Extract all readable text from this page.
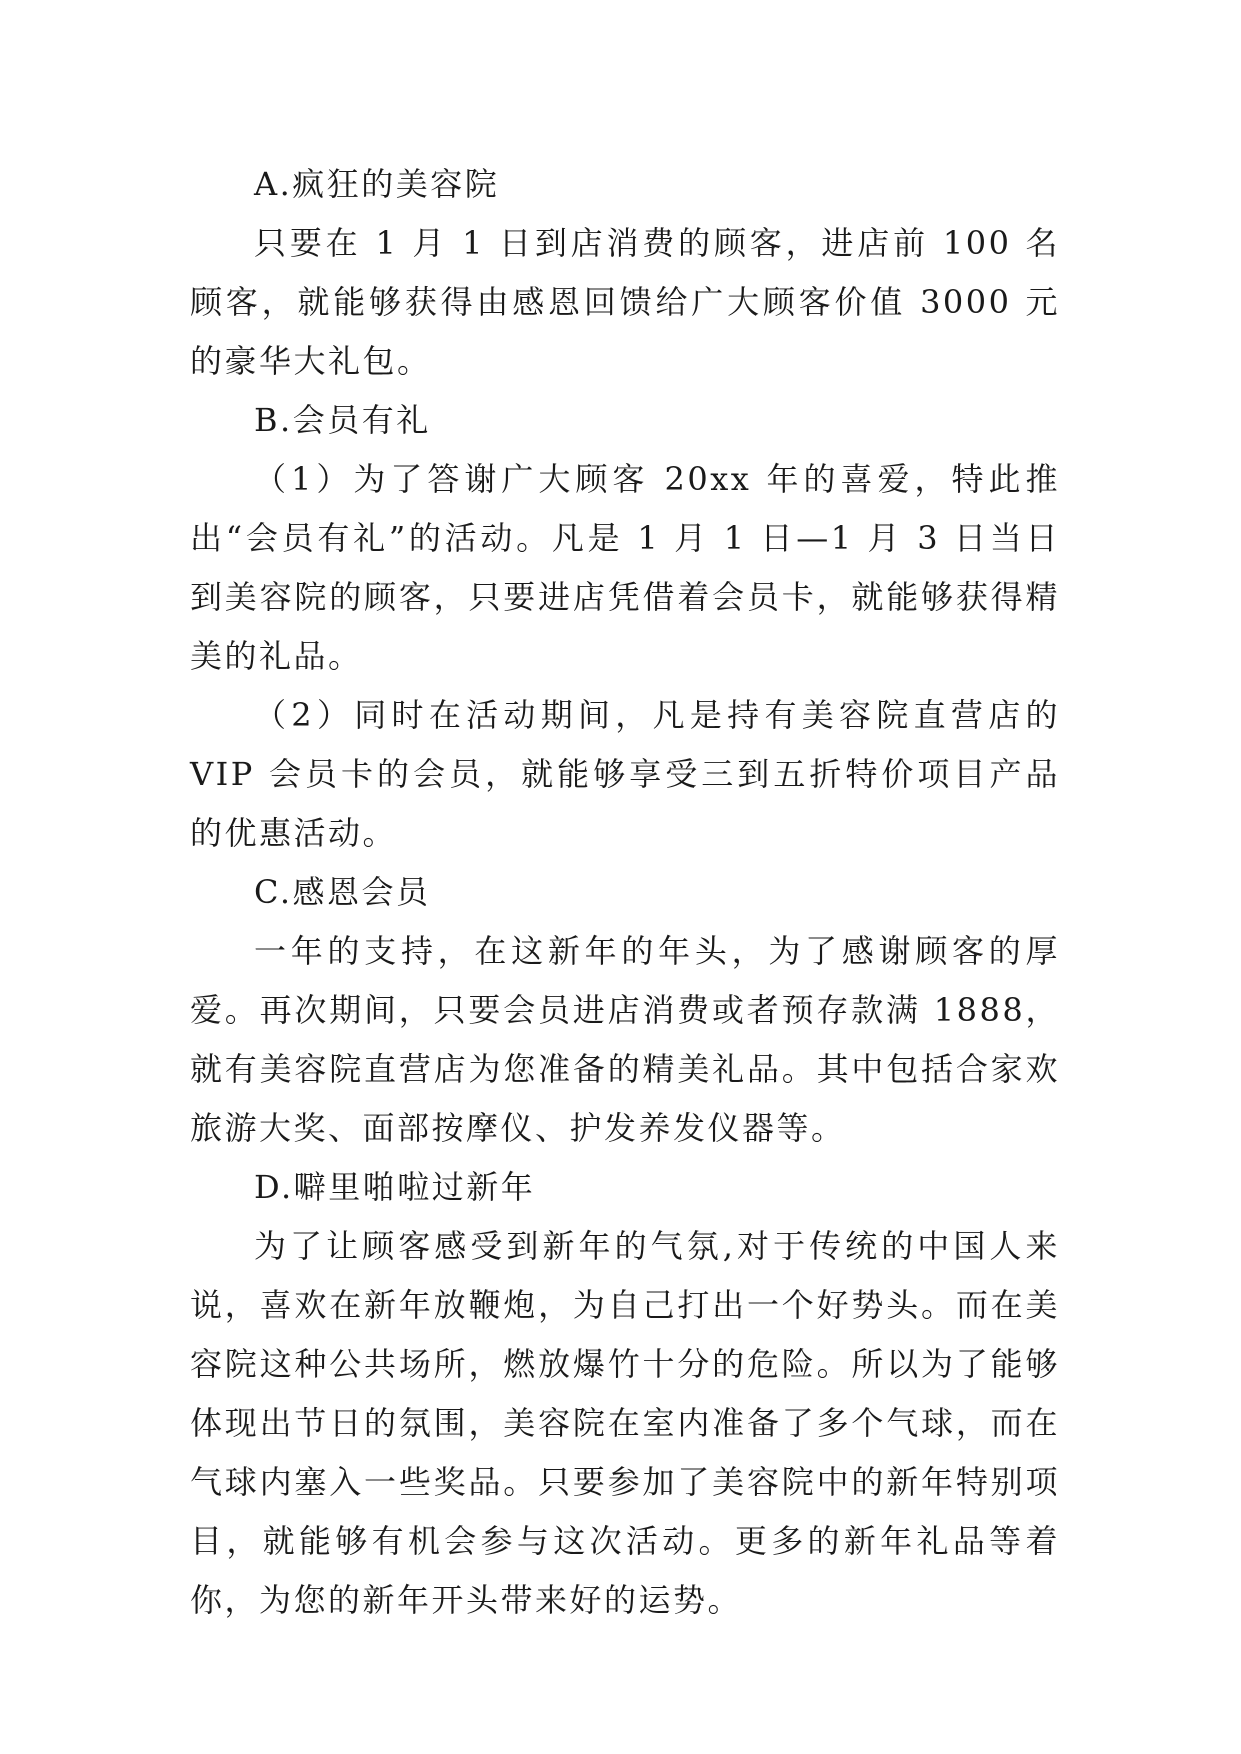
A.疯狂的美容院

只要在 1 月 1 日到店消费的顾客，进店前 100 名顾客，就能够获得由感恩回馈给广大顾客价值 3000 元的豪华大礼包。

B.会员有礼

（1）为了答谢广大顾客 20xx 年的喜爱，特此推出“会员有礼”的活动。凡是 1 月 1 日—1 月 3 日当日到美容院的顾客，只要进店凭借着会员卡，就能够获得精美的礼品。

（2）同时在活动期间，凡是持有美容院直营店的 VIP 会员卡的会员，就能够享受三到五折特价项目产品的优惠活动。

C.感恩会员

一年的支持，在这新年的年头，为了感谢顾客的厚爱。再次期间，只要会员进店消费或者预存款满 1888，就有美容院直营店为您准备的精美礼品。其中包括合家欢旅游大奖、面部按摩仪、护发养发仪器等。

D.噼里啪啦过新年

为了让顾客感受到新年的气氛,对于传统的中国人来说，喜欢在新年放鞭炮，为自己打出一个好势头。而在美容院这种公共场所，燃放爆竹十分的危险。所以为了能够体现出节日的氛围，美容院在室内准备了多个气球，而在气球内塞入一些奖品。只要参加了美容院中的新年特别项目，就能够有机会参与这次活动。更多的新年礼品等着你，为您的新年开头带来好的运势。
